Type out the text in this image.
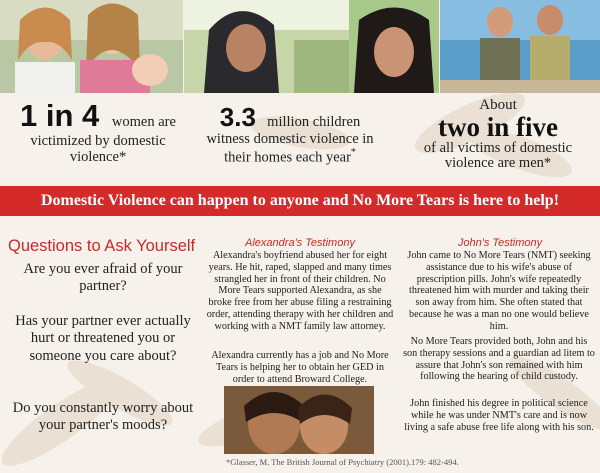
1 in 4 women are victimized by domestic violence*
3.3 million children witness domestic violence in their homes each year*
About
two in five
of all victims of domestic violence are men*
Domestic Violence can happen to anyone and No More Tears is here to help!
Questions to Ask Yourself
Are you ever afraid of your partner?
Has your partner ever actually hurt or threatened you or someone you care about?
Do you constantly worry about your partner's moods?
Alexandra's Testimony
Alexandra's boyfriend abused her for eight years. He hit, raped, slapped and many times strangled her in front of their children. No More Tears supported Alexandra, as she broke free from her abuse filing a restraining order, attending therapy with her children and working with a NMT family law attorney.
Alexandra currently has a job and No More Tears is helping her to obtain her GED in order to attend Broward College.
John's Testimony
John came to No More Tears (NMT) seeking assistance due to his wife's abuse of prescription pills. John's wife repeatedly threatened him with murder and taking their son away from him. She often stated that because he was a man no one would believe him.
No More Tears provided both, John and his son therapy sessions and a guardian ad litem to assure that John's son remained with him following the hearing of child custody.
John finished his degree in political science while he was under NMT's care and is now living a safe abuse free life along with his son.
*Glasser, M. The British Journal of Psychiatry (2001).179: 482-494.
